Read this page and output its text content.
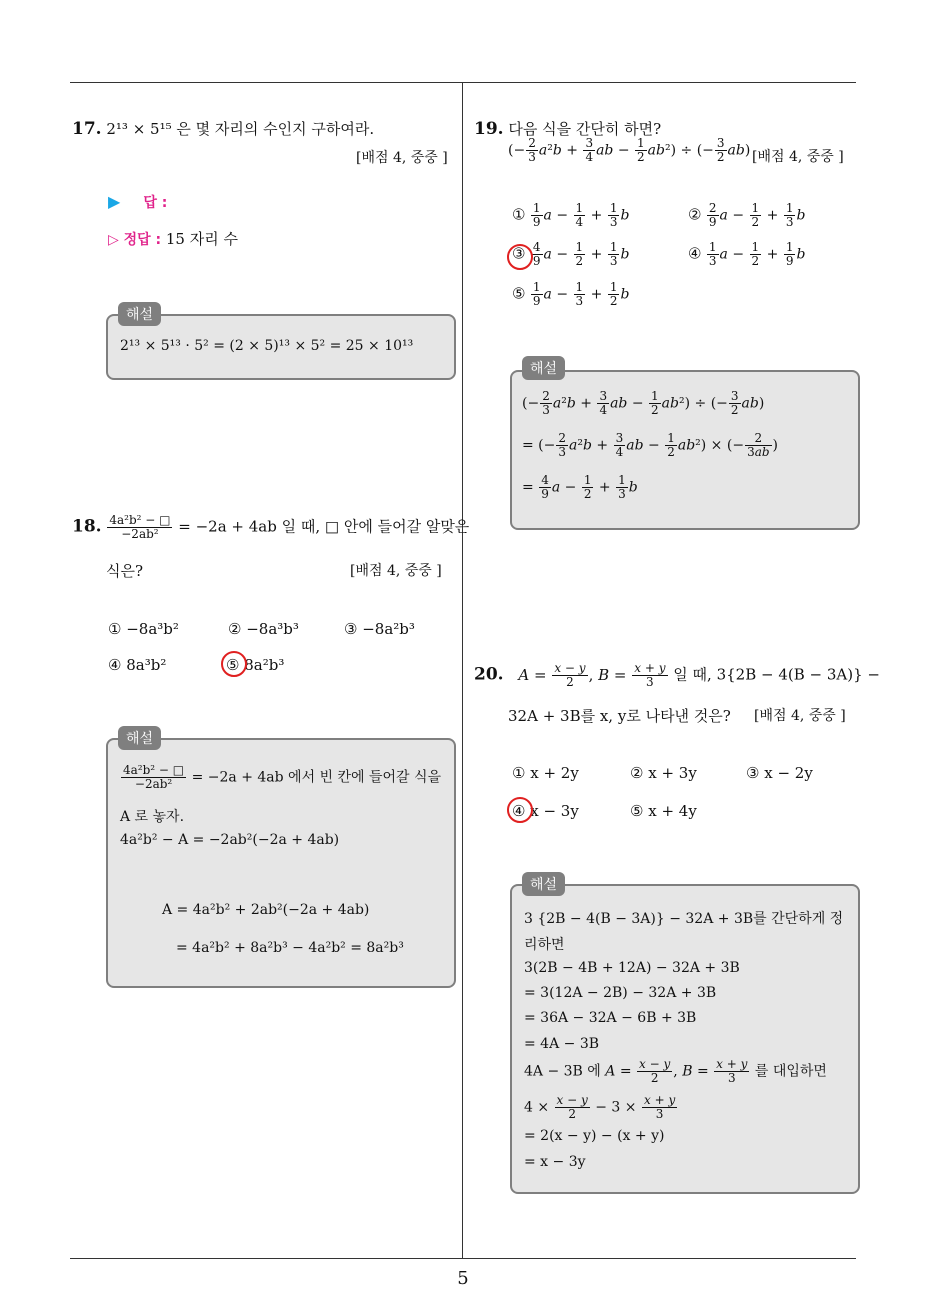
5
17. 2¹³ × 5¹⁵ 은 몇 자리의 수인지 구하여라.
[배점 4, 중중 ]
▶ 답 :
▷ 정답 : 15 자리 수
2¹³ × 5¹³ · 5² = (2 × 5)¹³ × 5² = 25 × 10¹³
해설
18. $\frac{\text{4a²b² − □}}{\text{−2ab²}} = -2a + 4ab$ 일 때, □ 안에 들어갈 알맞은
식은?	[배점 4, 중중 ]
① −8a³b²	② −8a³b³	③ −8a²b³
④ 8a³b²	⑤ 8a²b³
$\frac{\text{4a²b² − □}}{\text{−2ab²}} = -2a + 4ab$ 에서 빈 칸에 들어갈 식을
A 로 놓자.
4a²b² − A = −2ab²(−2a + 4ab)
A = 4a²b² + 2ab²(−2a + 4ab)
= 4a²b² + 8a²b³ − 4a²b² = 8a²b³
해설
19. 다음 식을 간단히 하면?
(− $\frac{2}{3} a^2b + \frac{3}{4}$ ab − $\frac{1}{2} ab^2$) ÷ (− $\frac{3}{2} ab$) [배점 4, 중중 ]
① $\frac{1}{9}$ $a - \frac{1}{4} + \frac{1}{3}$ b	② $\frac{2}{9}$ $a - \frac{1}{2} + \frac{1}{3}$ b
③ $\frac{4}{9}$ $a - \frac{1}{2} + \frac{1}{3}$ b	④ $\frac{1}{3}$ $a - \frac{1}{2} + \frac{1}{9}$ b
⑤ $\frac{1}{9}$ $a - \frac{1}{3} + \frac{1}{2}$ b
(− $\frac{2}{3} a^2b + \frac{3}{4}$ ab − $\frac{1}{2} ab^2$) ÷ (− $\frac{3}{2} ab$)
= (− $\frac{2}{3} a^2b + \frac{3}{4}$ ab − $\frac{1}{2} ab^2$) × (− $\frac{2}{3ab}$ )
= $\frac{4}{9}$ $a - \frac{1}{2} + \frac{1}{3}$ b
해설
20. $A = \frac{x - y}{2}$ , $B = \frac{x + y}{3}$ 일 때, 3{2B − 4(B − 3A)} −
32A + 3B를 x, y로 나타낸 것은? [배점 4, 중중 ]
① x + 2y	② x + 3y	③ x − 2y
④ x − 3y	⑤ x + 4y
3 {2B − 4(B − 3A)} − 32A + 3B를 간단하게 정
리하면
3(2B − 4B + 12A) − 32A + 3B
= 3(12A − 2B) − 32A + 3B
= 36A − 32A − 6B + 3B
= 4A − 3B
4A − 3B 에 $A = \frac{x - y}{2}$ , $B = \frac{x + y}{3}$ 를 대입하면
$4 \times \frac{x - y}{2} - 3 \times \frac{x + y}{3}$
= 2(x − y) − (x + y)
= x − 3y
해설
